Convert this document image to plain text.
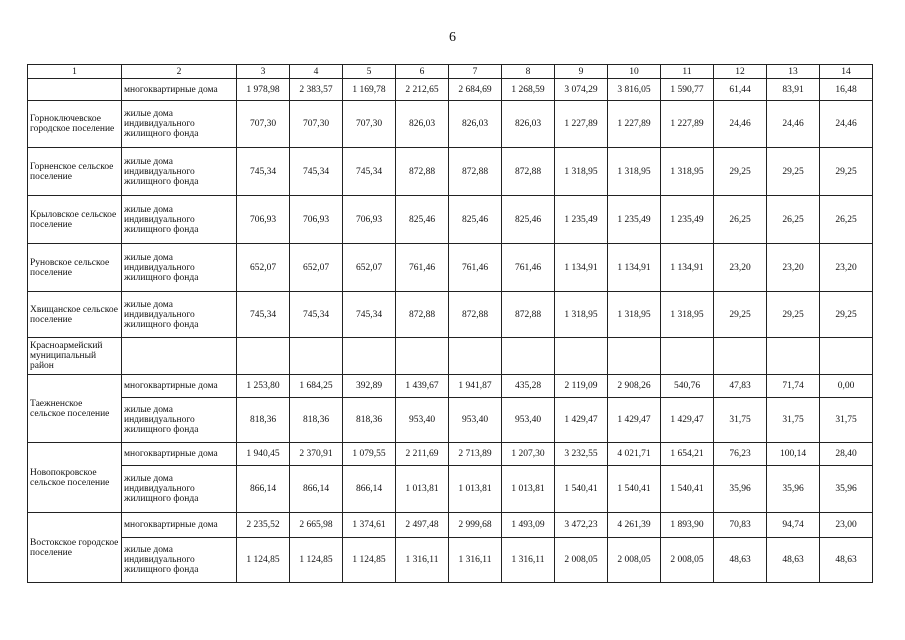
6
1	2	3	4	5	6	7	8	9	10	11	12	13	14
	многоквартирные дома	1 978,98	2 383,57	1 169,78	2 212,65	2 684,69	1 268,59	3 074,29	3 816,05	1 590,77	61,44	83,91	16,48
Горноключевское городское поселение	жилые дома индивидуального жилищного фонда	707,30	707,30	707,30	826,03	826,03	826,03	1 227,89	1 227,89	1 227,89	24,46	24,46	24,46
Горненское сельское поселение	жилые дома индивидуального жилищного фонда	745,34	745,34	745,34	872,88	872,88	872,88	1 318,95	1 318,95	1 318,95	29,25	29,25	29,25
Крыловское сельское поселение	жилые дома индивидуального жилищного фонда	706,93	706,93	706,93	825,46	825,46	825,46	1 235,49	1 235,49	1 235,49	26,25	26,25	26,25
Руновское сельское поселение	жилые дома индивидуального жилищного фонда	652,07	652,07	652,07	761,46	761,46	761,46	1 134,91	1 134,91	1 134,91	23,20	23,20	23,20
Хвищанское сельское поселение	жилые дома индивидуального жилищного фонда	745,34	745,34	745,34	872,88	872,88	872,88	1 318,95	1 318,95	1 318,95	29,25	29,25	29,25
Красноармейский муниципальный район													
Таежненское сельское поселение	многоквартирные дома	1 253,80	1 684,25	392,89	1 439,67	1 941,87	435,28	2 119,09	2 908,26	540,76	47,83	71,74	0,00
	жилые дома индивидуального жилищного фонда	818,36	818,36	818,36	953,40	953,40	953,40	1 429,47	1 429,47	1 429,47	31,75	31,75	31,75
Новопокровское сельское поселение	многоквартирные дома	1 940,45	2 370,91	1 079,55	2 211,69	2 713,89	1 207,30	3 232,55	4 021,71	1 654,21	76,23	100,14	28,40
	жилые дома индивидуального жилищного фонда	866,14	866,14	866,14	1 013,81	1 013,81	1 013,81	1 540,41	1 540,41	1 540,41	35,96	35,96	35,96
Востокское городское поселение	многоквартирные дома	2 235,52	2 665,98	1 374,61	2 497,48	2 999,68	1 493,09	3 472,23	4 261,39	1 893,90	70,83	94,74	23,00
	жилые дома индивидуального жилищного фонда	1 124,85	1 124,85	1 124,85	1 316,11	1 316,11	1 316,11	2 008,05	2 008,05	2 008,05	48,63	48,63	48,63
